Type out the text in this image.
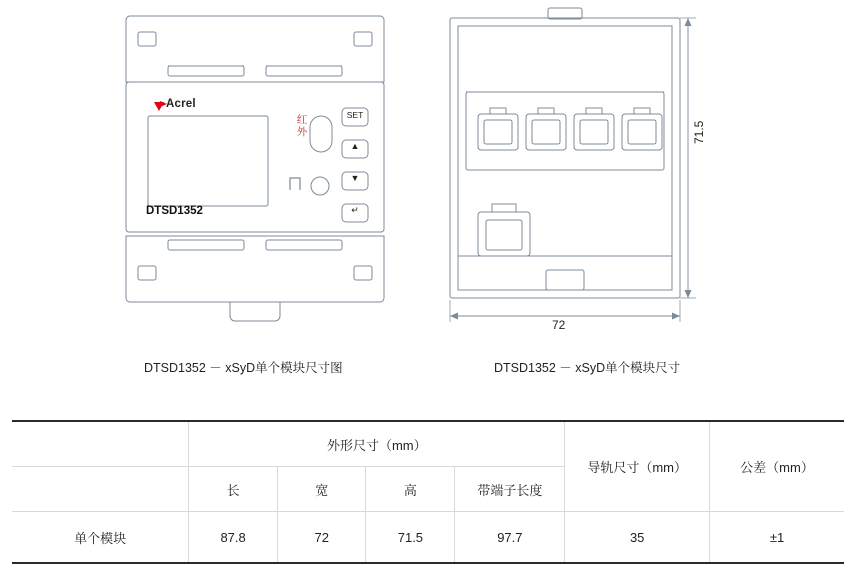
Acrel
DTSD1352
红外
SET
▲
▼
↵
DTSD1352 － xSyD单个模块尺寸图
71.5
72
DTSD1352 － xSyD单个模块尺寸
	外形尺寸（mm）				导轨尺寸（mm）	公差（mm）
	长	宽	高	带端子长度		
单个模块	87.8	72	71.5	97.7	35	±1
